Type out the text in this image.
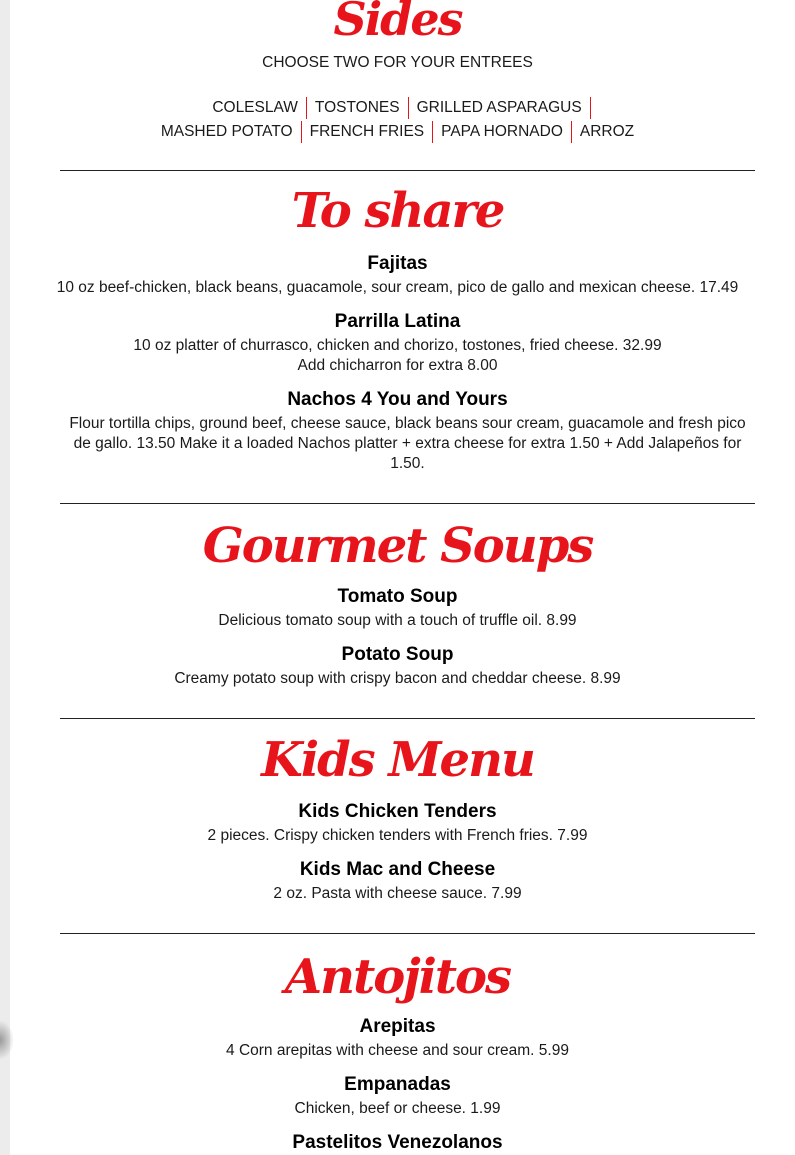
Sides
CHOOSE TWO FOR YOUR ENTREES
COLESLAW TOSTONES GRILLED ASPARAGUS
MASHED POTATO FRENCH FRIES PAPA HORNADO ARROZ
To share
Fajitas
10 oz beef-chicken, black beans, guacamole, sour cream, pico de gallo and mexican cheese. 17.49
Parrilla Latina
10 oz platter of churrasco, chicken and chorizo, tostones, fried cheese. 32.99
Add chicharron for extra 8.00
Nachos 4 You and Yours
Flour tortilla chips, ground beef, cheese sauce, black beans sour cream, guacamole and fresh pico de gallo. 13.50 Make it a loaded Nachos platter + extra cheese for extra 1.50 + Add Jalapeños for 1.50.
Gourmet Soups
Tomato Soup
Delicious tomato soup with a touch of truffle oil. 8.99
Potato Soup
Creamy potato soup with crispy bacon and cheddar cheese. 8.99
Kids Menu
Kids Chicken Tenders
2 pieces. Crispy chicken tenders with French fries. 7.99
Kids Mac and Cheese
2 oz. Pasta with cheese sauce. 7.99
Antojitos
Arepitas
4 Corn arepitas with cheese and sour cream. 5.99
Empanadas
Chicken, beef or cheese. 1.99
Pastelitos Venezolanos
